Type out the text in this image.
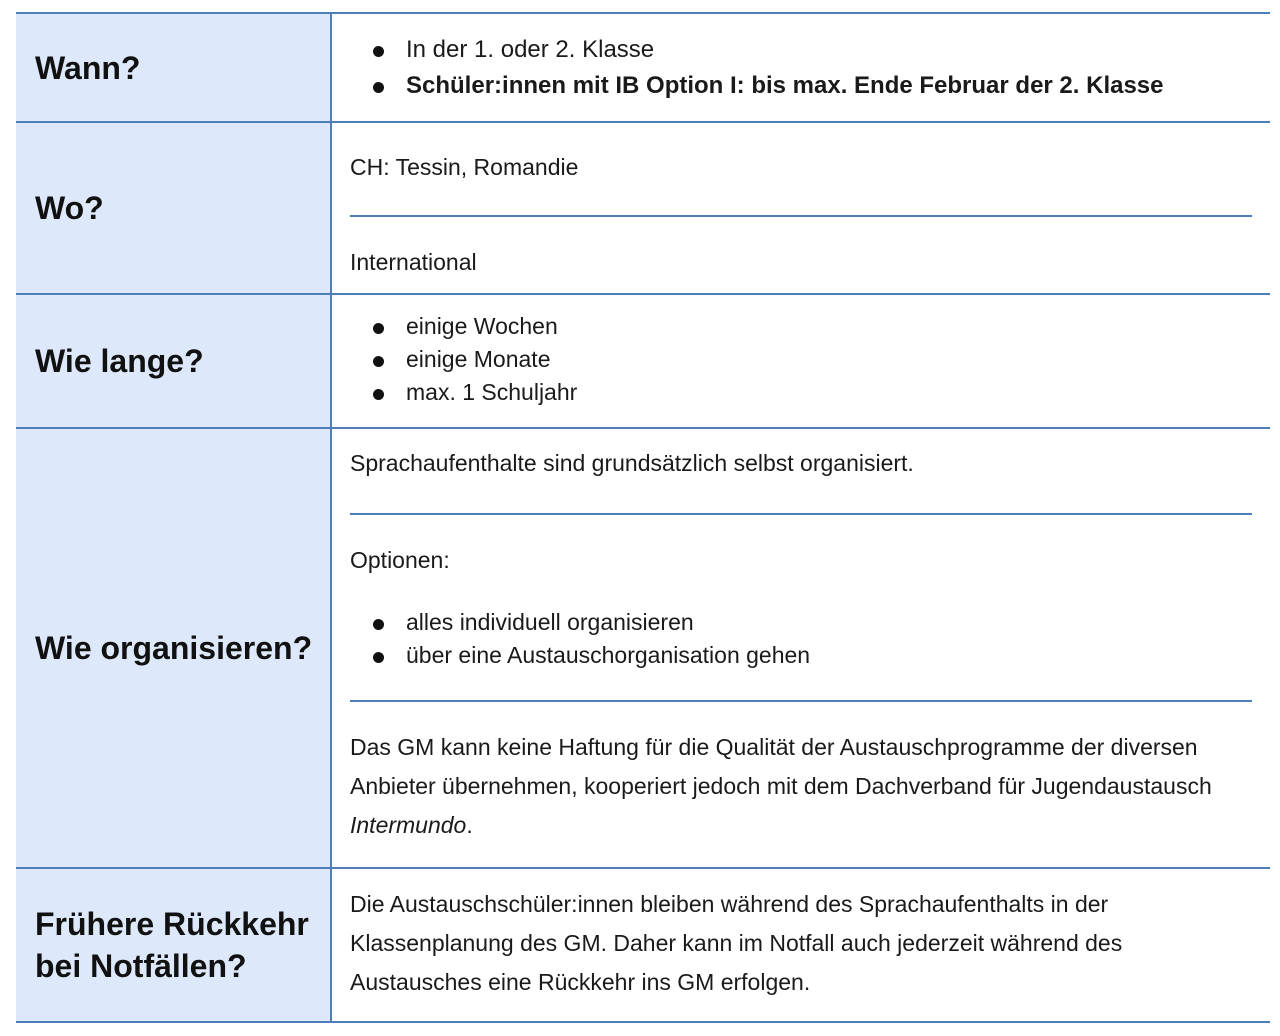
Wann?	In der 1. oder 2. Klasse
Schüler:innen mit IB Option I: bis max. Ende Februar der 2. Klasse
Wo?

CH: Tessin, Romandie

International

Wie lange?
einige Wochen
einige Monate
max. 1 Schuljahr
Wie organisieren?

Sprachaufenthalte sind grundsätzlich selbst organisiert.

Optionen:

alles individuell organisieren
über eine Austauschorganisation gehen

Das GM kann keine Haftung für die Qualität der Austauschprogramme der diversen Anbieter übernehmen, kooperiert jedoch mit dem Dachverband für Jugendaustausch Intermundo.

Frühere Rückkehr bei Notfällen?

Die Austauschschüler:innen bleiben während des Sprachaufenthalts in der Klassenplanung des GM. Daher kann im Notfall auch jederzeit während des Austausches eine Rückkehr ins GM erfolgen.
